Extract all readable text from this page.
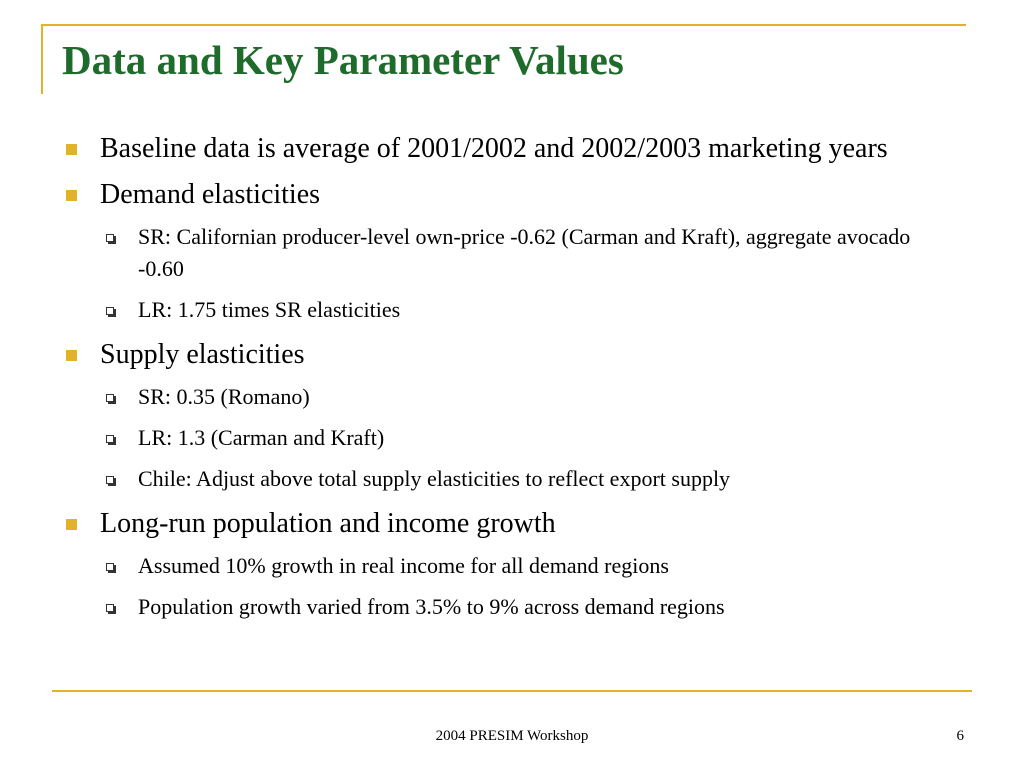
Data and Key Parameter Values
Baseline data is average of 2001/2002 and 2002/2003 marketing years
Demand elasticities
SR: Californian producer-level own-price -0.62 (Carman and Kraft), aggregate avocado -0.60
LR: 1.75 times SR elasticities
Supply elasticities
SR: 0.35 (Romano)
LR: 1.3 (Carman and Kraft)
Chile: Adjust above total supply elasticities to reflect export supply
Long-run population and income growth
Assumed 10% growth in real income for all demand regions
Population growth varied from 3.5% to 9% across demand regions
2004 PRESIM Workshop	6
